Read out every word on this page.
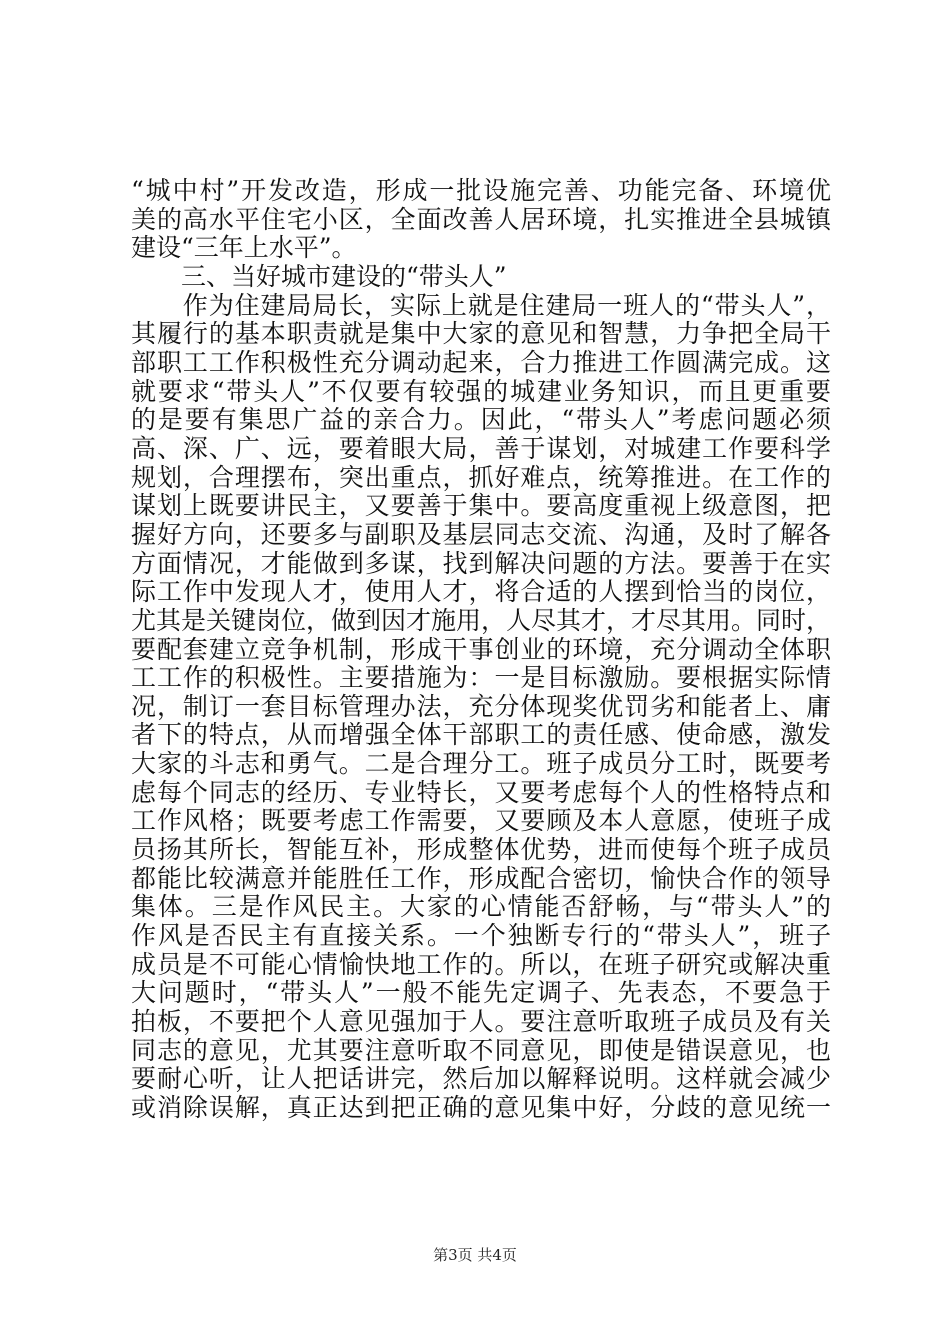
“城中村”开发改造，形成一批设施完善、功能完备、环境优
美的高水平住宅小区，全面改善人居环境，扎实推进全县城镇
建设“三年上水平”。
　　三、当好城市建设的“带头人”
　　作为住建局局长，实际上就是住建局一班人的“带头人”，
其履行的基本职责就是集中大家的意见和智慧，力争把全局干
部职工工作积极性充分调动起来，合力推进工作圆满完成。这
就要求“带头人”不仅要有较强的城建业务知识，而且更重要
的是要有集思广益的亲合力。因此，“带头人”考虑问题必须
高、深、广、远，要着眼大局，善于谋划，对城建工作要科学
规划，合理摆布，突出重点，抓好难点，统筹推进。在工作的
谋划上既要讲民主，又要善于集中。要高度重视上级意图，把
握好方向，还要多与副职及基层同志交流、沟通，及时了解各
方面情况，才能做到多谋，找到解决问题的方法。要善于在实
际工作中发现人才，使用人才，将合适的人摆到恰当的岗位，
尤其是关键岗位，做到因才施用，人尽其才，才尽其用。同时，
要配套建立竞争机制，形成干事创业的环境，充分调动全体职
工工作的积极性。主要措施为：一是目标激励。要根据实际情
况，制订一套目标管理办法，充分体现奖优罚劣和能者上、庸
者下的特点，从而增强全体干部职工的责任感、使命感，激发
大家的斗志和勇气。二是合理分工。班子成员分工时，既要考
虑每个同志的经历、专业特长，又要考虑每个人的性格特点和
工作风格；既要考虑工作需要，又要顾及本人意愿，使班子成
员扬其所长，智能互补，形成整体优势，进而使每个班子成员
都能比较满意并能胜任工作，形成配合密切，愉快合作的领导
集体。三是作风民主。大家的心情能否舒畅，与“带头人”的
作风是否民主有直接关系。一个独断专行的“带头人”，班子
成员是不可能心情愉快地工作的。所以，在班子研究或解决重
大问题时，“带头人”一般不能先定调子、先表态，不要急于
拍板，不要把个人意见强加于人。要注意听取班子成员及有关
同志的意见，尤其要注意听取不同意见，即使是错误意见，也
要耐心听，让人把话讲完，然后加以解释说明。这样就会减少
或消除误解，真正达到把正确的意见集中好，分歧的意见统一
第3页 共4页
